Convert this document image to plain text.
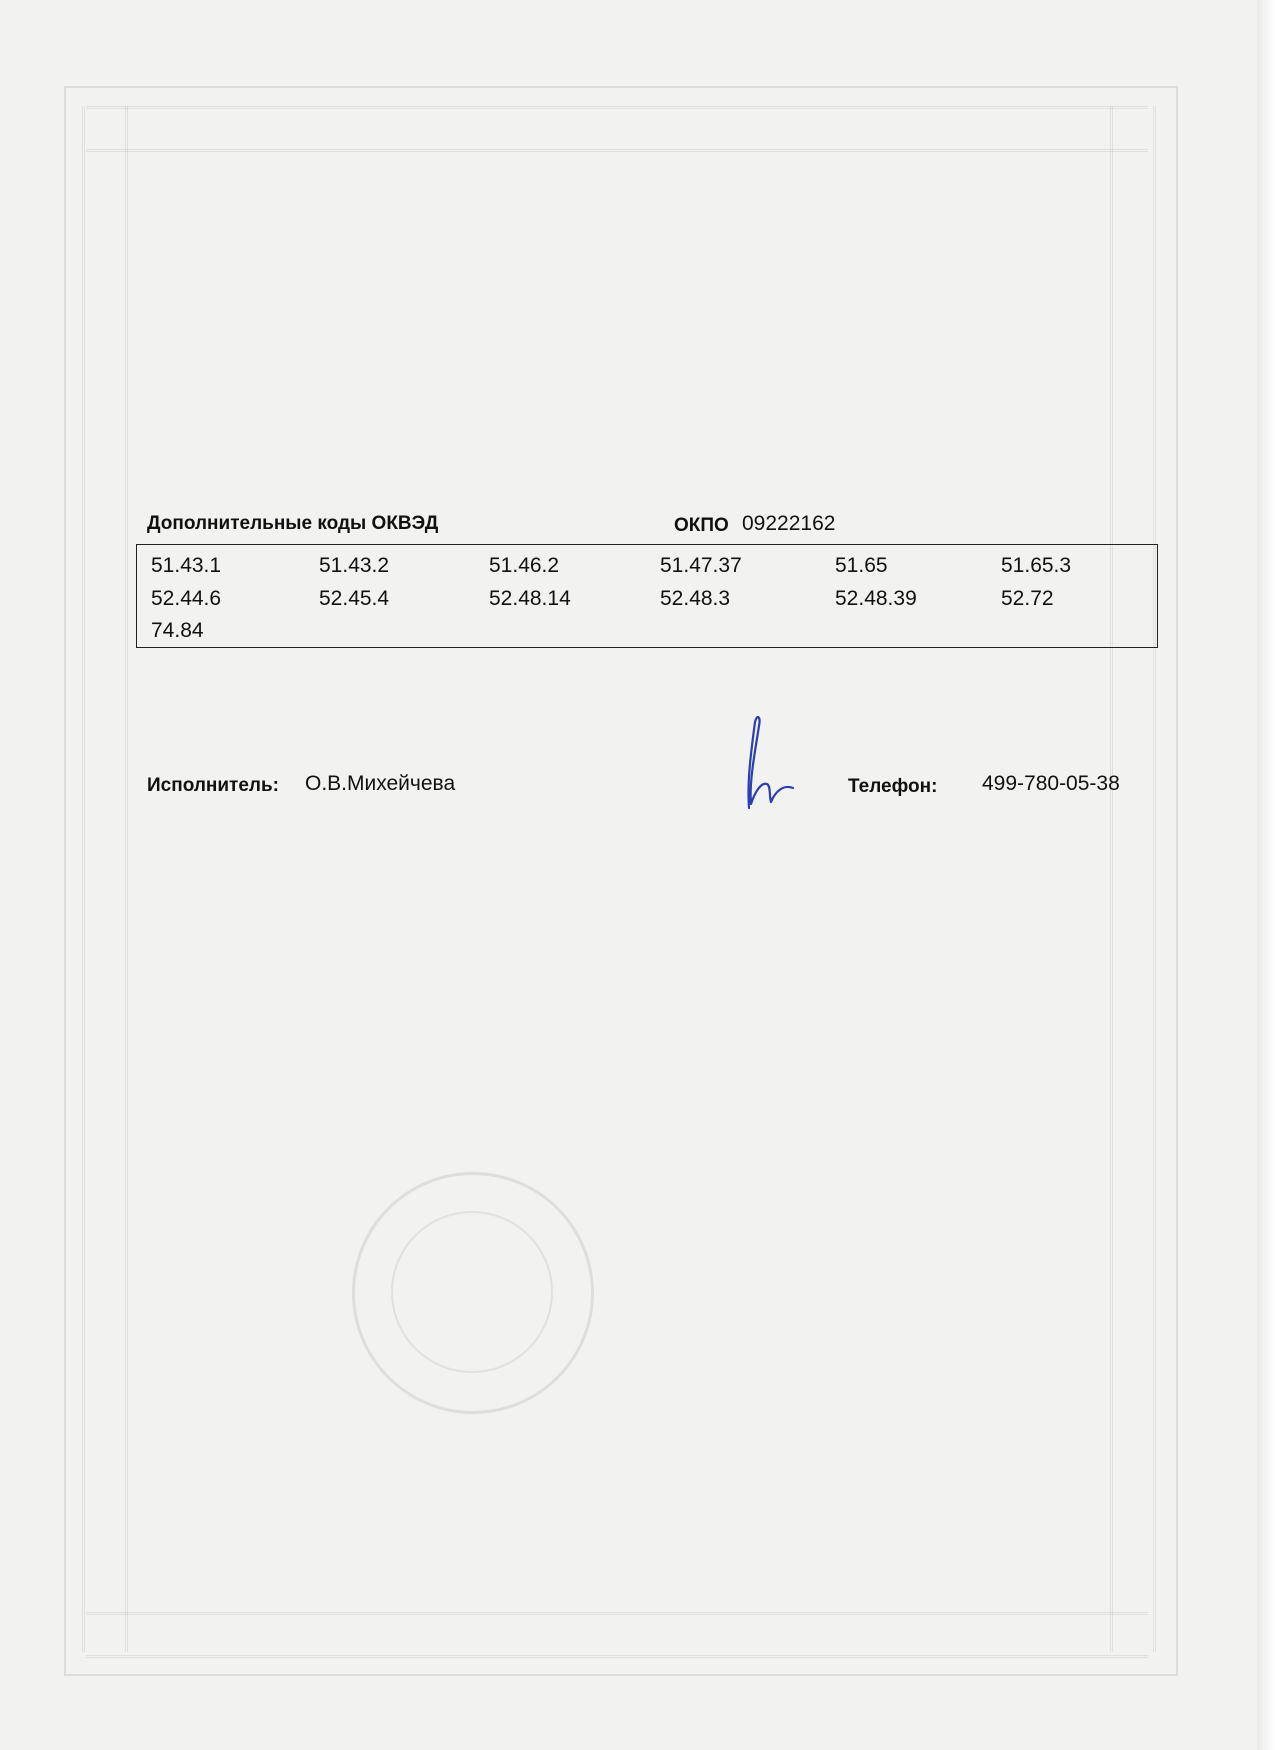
Дополнительные коды ОКВЭД	ОКПО 09222162
51.43.1	51.43.2	51.46.2	51.47.37	51.65	51.65.3
52.44.6	52.45.4	52.48.14	52.48.3	52.48.39	52.72
74.84
Исполнитель: О.В.Михейчева	Телефон: 499-780-05-38
